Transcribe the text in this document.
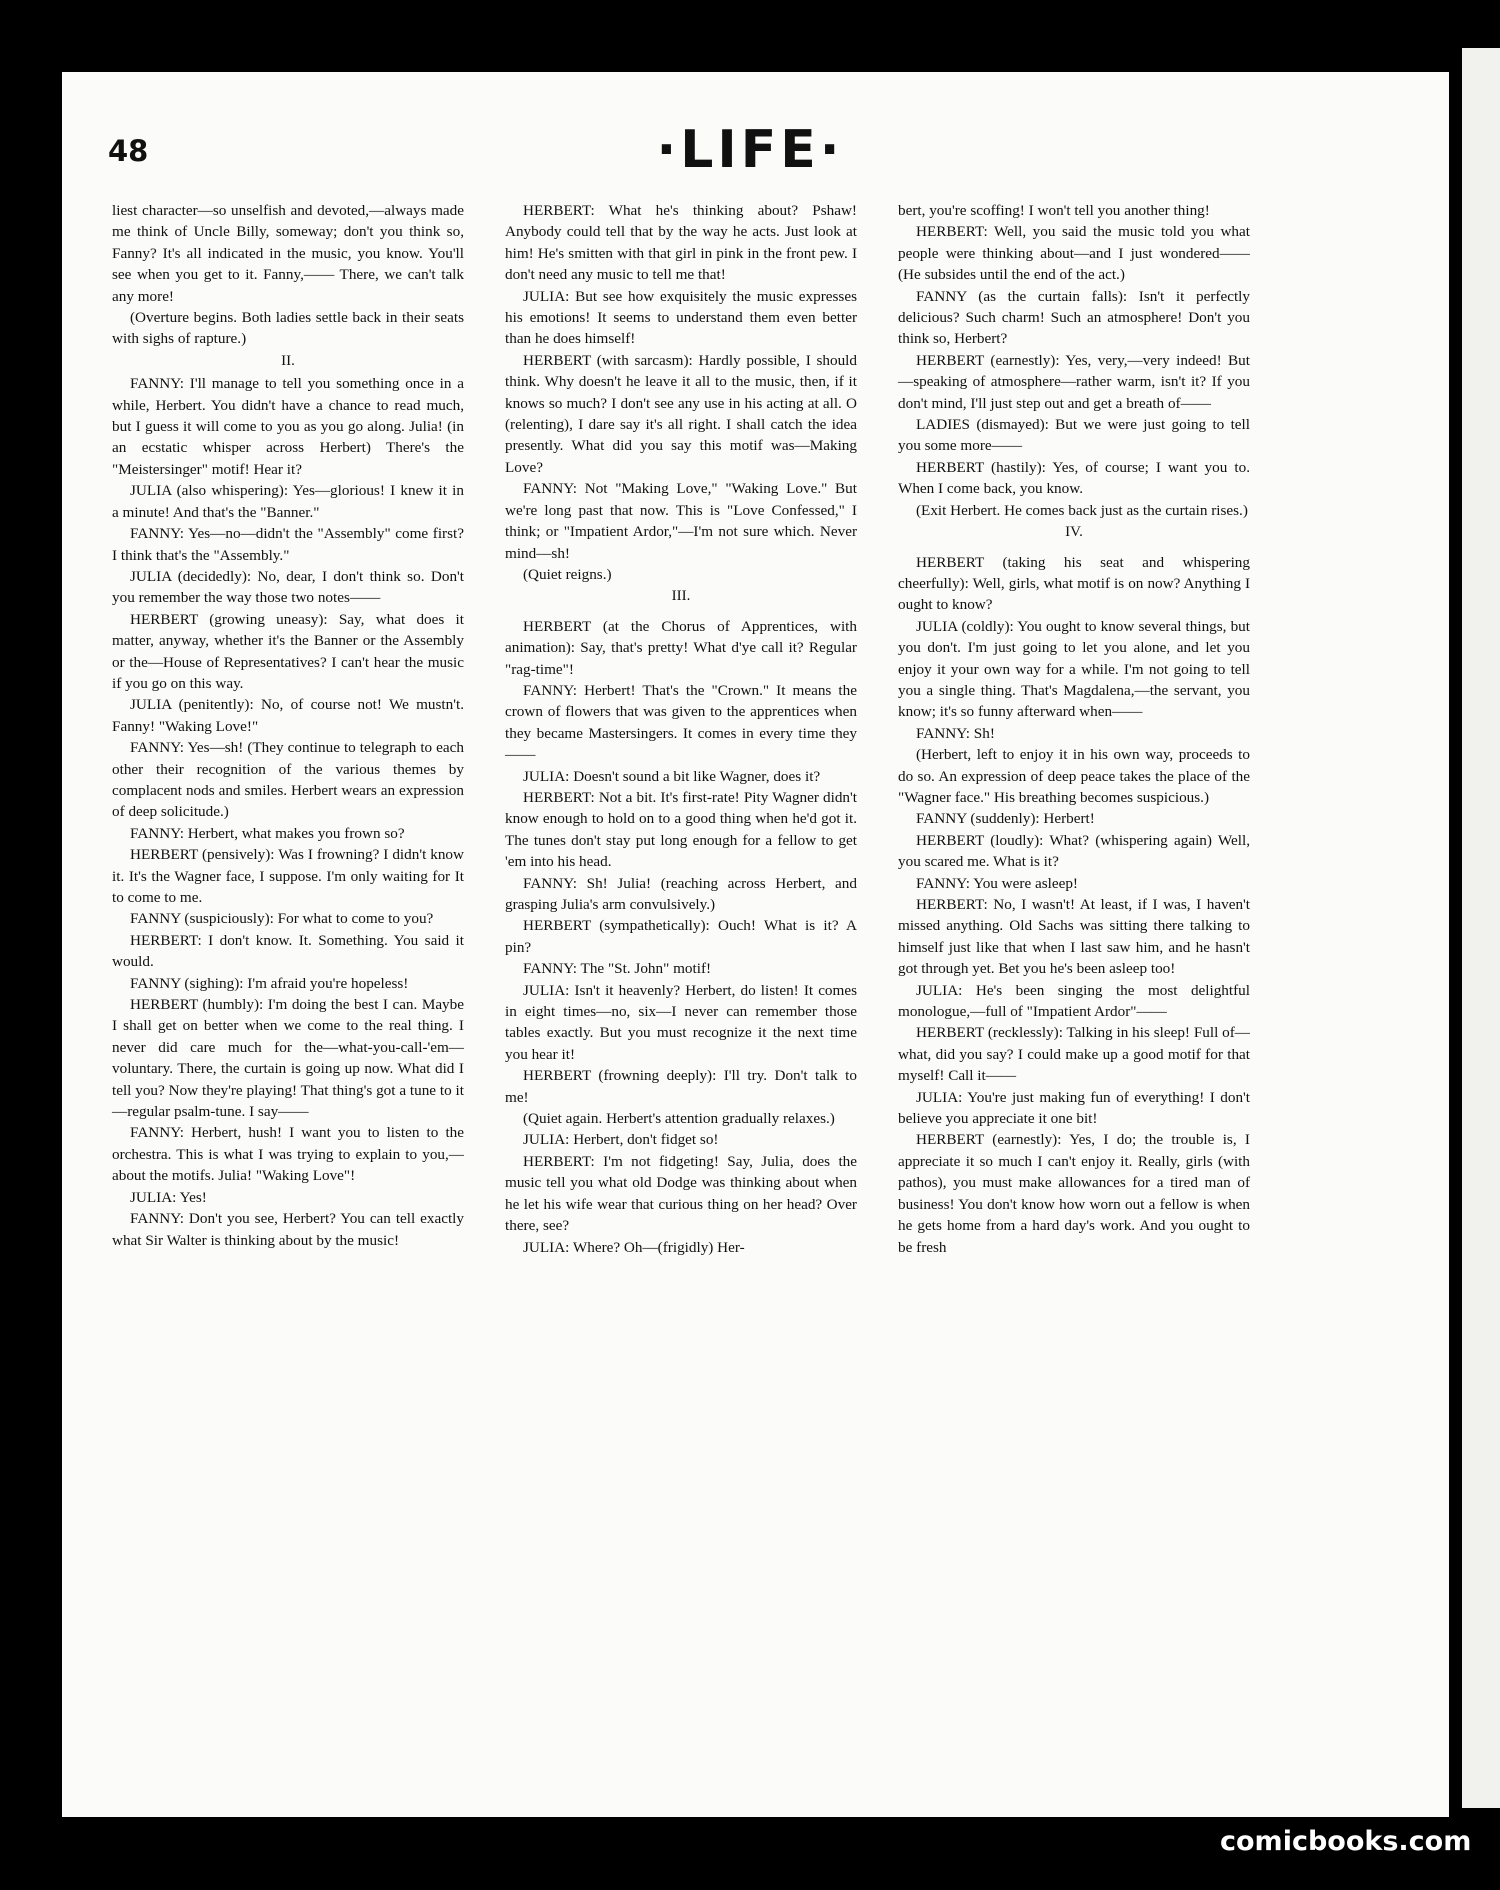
48	·LIFE·

liest character—so unselfish and devoted,—always made me think of Uncle Billy, someway; don't you think so, Fanny? It's all indicated in the music, you know. You'll see when you get to it. Fanny,—— There, we can't talk any more!

(Overture begins. Both ladies settle back in their seats with sighs of rapture.)

II.

FANNY: I'll manage to tell you something once in a while, Herbert. You didn't have a chance to read much, but I guess it will come to you as you go along. Julia! (in an ecstatic whisper across Herbert) There's the "Meistersinger" motif! Hear it?

JULIA (also whispering): Yes—glorious! I knew it in a minute! And that's the "Banner."

FANNY: Yes—no—didn't the "Assembly" come first? I think that's the "Assembly."

JULIA (decidedly): No, dear, I don't think so. Don't you remember the way those two notes——

HERBERT (growing uneasy): Say, what does it matter, anyway, whether it's the Banner or the Assembly or the—House of Representatives? I can't hear the music if you go on this way.

JULIA (penitently): No, of course not! We mustn't. Fanny! "Waking Love!"

FANNY: Yes—sh! (They continue to telegraph to each other their recognition of the various themes by complacent nods and smiles. Herbert wears an expression of deep solicitude.)

FANNY: Herbert, what makes you frown so?

HERBERT (pensively): Was I frowning? I didn't know it. It's the Wagner face, I suppose. I'm only waiting for It to come to me.

FANNY (suspiciously): For what to come to you?

HERBERT: I don't know. It. Something. You said it would.

FANNY (sighing): I'm afraid you're hopeless!

HERBERT (humbly): I'm doing the best I can. Maybe I shall get on better when we come to the real thing. I never did care much for the—what-you-call-'em—voluntary. There, the curtain is going up now. What did I tell you? Now they're playing! That thing's got a tune to it—regular psalm-tune. I say——

FANNY: Herbert, hush! I want you to listen to the orchestra. This is what I was trying to explain to you,—about the motifs. Julia! "Waking Love"!

JULIA: Yes!

FANNY: Don't you see, Herbert? You can tell exactly what Sir Walter is thinking about by the music!

HERBERT: What he's thinking about? Pshaw! Anybody could tell that by the way he acts. Just look at him! He's smitten with that girl in pink in the front pew. I don't need any music to tell me that!

JULIA: But see how exquisitely the music expresses his emotions! It seems to understand them even better than he does himself!

HERBERT (with sarcasm): Hardly possible, I should think. Why doesn't he leave it all to the music, then, if it knows so much? I don't see any use in his acting at all. O (relenting), I dare say it's all right. I shall catch the idea presently. What did you say this motif was—Making Love?

FANNY: Not "Making Love," "Waking Love." But we're long past that now. This is "Love Confessed," I think; or "Impatient Ardor,"—I'm not sure which. Never mind—sh!

(Quiet reigns.)

III.

HERBERT (at the Chorus of Apprentices, with animation): Say, that's pretty! What d'ye call it? Regular "rag-time"!

FANNY: Herbert! That's the "Crown." It means the crown of flowers that was given to the apprentices when they became Mastersingers. It comes in every time they——

JULIA: Doesn't sound a bit like Wagner, does it?

HERBERT: Not a bit. It's first-rate! Pity Wagner didn't know enough to hold on to a good thing when he'd got it. The tunes don't stay put long enough for a fellow to get 'em into his head.

FANNY: Sh! Julia! (reaching across Herbert, and grasping Julia's arm convulsively.)

HERBERT (sympathetically): Ouch! What is it? A pin?

FANNY: The "St. John" motif!

JULIA: Isn't it heavenly? Herbert, do listen! It comes in eight times—no, six—I never can remember those tables exactly. But you must recognize it the next time you hear it!

HERBERT (frowning deeply): I'll try. Don't talk to me!

(Quiet again. Herbert's attention gradually relaxes.)

JULIA: Herbert, don't fidget so!

HERBERT: I'm not fidgeting! Say, Julia, does the music tell you what old Dodge was thinking about when he let his wife wear that curious thing on her head? Over there, see?

JULIA: Where? Oh—(frigidly) Her-

bert, you're scoffing! I won't tell you another thing!

HERBERT: Well, you said the music told you what people were thinking about—and I just wondered—— (He subsides until the end of the act.)

FANNY (as the curtain falls): Isn't it perfectly delicious? Such charm! Such an atmosphere! Don't you think so, Herbert?

HERBERT (earnestly): Yes, very,—very indeed! But—speaking of atmosphere—rather warm, isn't it? If you don't mind, I'll just step out and get a breath of——

LADIES (dismayed): But we were just going to tell you some more——

HERBERT (hastily): Yes, of course; I want you to. When I come back, you know.

(Exit Herbert. He comes back just as the curtain rises.)

IV.

HERBERT (taking his seat and whispering cheerfully): Well, girls, what motif is on now? Anything I ought to know?

JULIA (coldly): You ought to know several things, but you don't. I'm just going to let you alone, and let you enjoy it your own way for a while. I'm not going to tell you a single thing. That's Magdalena,—the servant, you know; it's so funny afterward when——

FANNY: Sh!

(Herbert, left to enjoy it in his own way, proceeds to do so. An expression of deep peace takes the place of the "Wagner face." His breathing becomes suspicious.)

FANNY (suddenly): Herbert!

HERBERT (loudly): What? (whispering again) Well, you scared me. What is it?

FANNY: You were asleep!

HERBERT: No, I wasn't! At least, if I was, I haven't missed anything. Old Sachs was sitting there talking to himself just like that when I last saw him, and he hasn't got through yet. Bet you he's been asleep too!

JULIA: He's been singing the most delightful monologue,—full of "Impatient Ardor"——

HERBERT (recklessly): Talking in his sleep! Full of—what, did you say? I could make up a good motif for that myself! Call it——

JULIA: You're just making fun of everything! I don't believe you appreciate it one bit!

HERBERT (earnestly): Yes, I do; the trouble is, I appreciate it so much I can't enjoy it. Really, girls (with pathos), you must make allowances for a tired man of business! You don't know how worn out a fellow is when he gets home from a hard day's work. And you ought to be fresh

comicbooks.com
